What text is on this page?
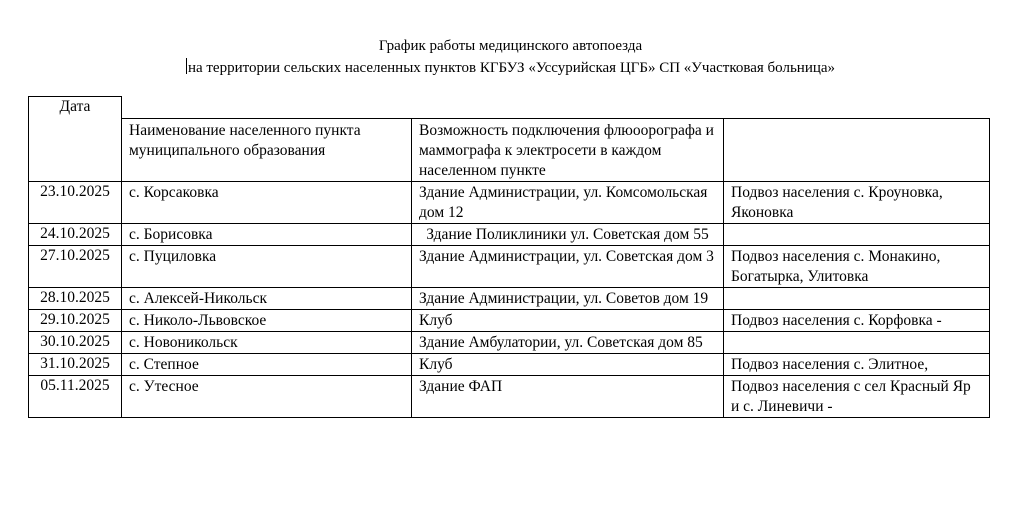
График работы медицинского автопоезда
на территории сельских населенных пунктов КГБУЗ «Уссурийская ЦГБ» СП «Участковая больница»
Дата			
	Наименование населенного пункта муниципального образования	Возможность подключения флюоорографа и маммографа к электросети в каждом населенном пункте	
23.10.2025	с. Корсаковка	Здание Администрации, ул. Комсомольская дом 12	Подвоз населения с. Кроуновка, Яконовка
24.10.2025	с. Борисовка	Здание Поликлиники ул. Советская дом 55	
27.10.2025	с. Пуциловка	Здание Администрации, ул. Советская дом 3	Подвоз населения с. Монакино, Богатырка, Улитовка
28.10.2025	с. Алексей-Никольск	Здание Администрации, ул. Советов дом 19	
29.10.2025	с. Николо-Львовское	Клуб	Подвоз населения с. Корфовка -
30.10.2025	с. Новоникольск	Здание Амбулатории, ул. Советская дом 85	
31.10.2025	с. Степное	Клуб	Подвоз населения с. Элитное,
05.11.2025	с. Утесное	Здание ФАП	Подвоз населения с сел Красный Яр и с. Линевичи -
